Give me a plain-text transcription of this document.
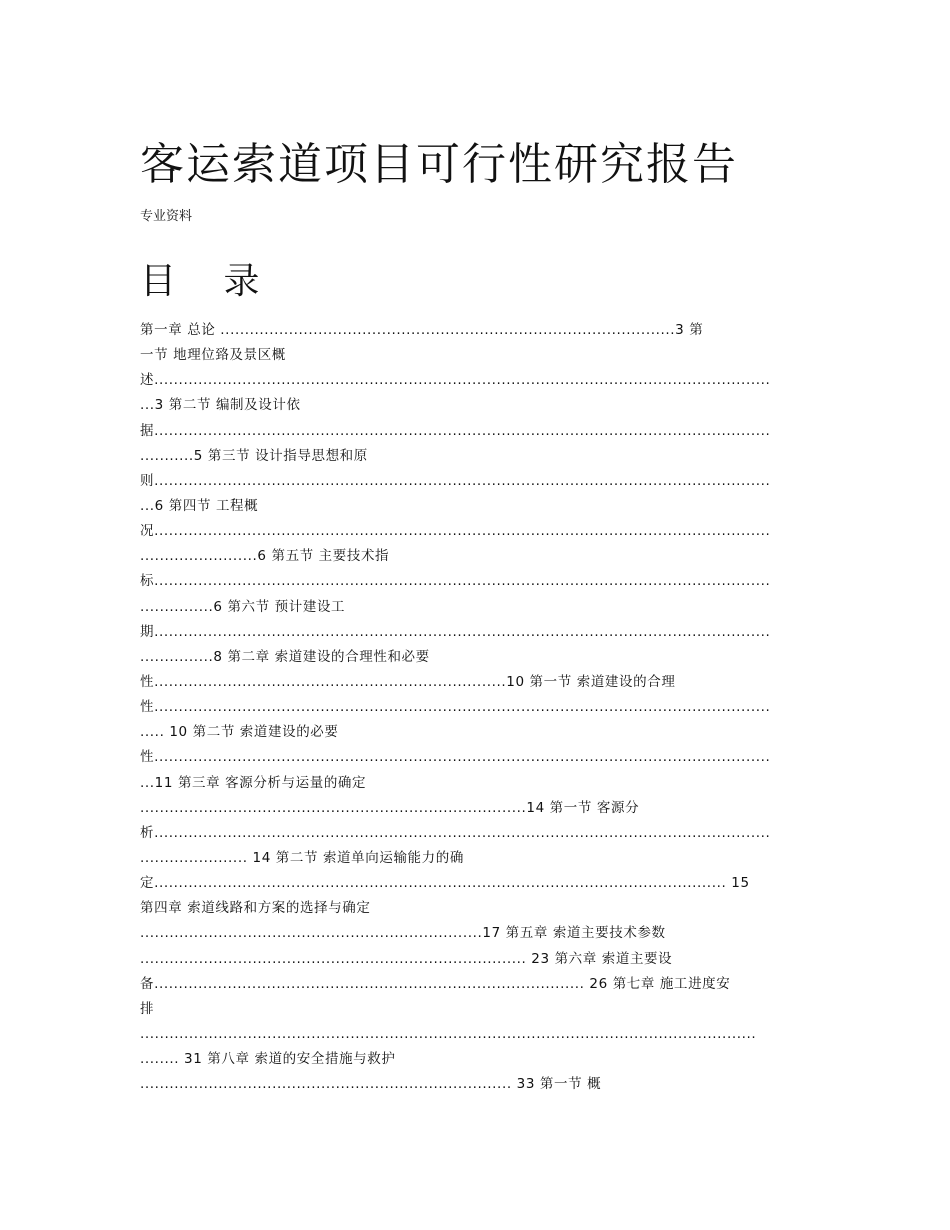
客运索道项目可行性研究报告
专业资料
目 录
第一章 总论 .............................................................................................3 第
一节 地理位臵及景区概
述..............................................................................................................................
...3 第二节 编制及设计依
据..............................................................................................................................
...........5 第三节 设计指导思想和原
则..............................................................................................................................
...6 第四节 工程概
况..............................................................................................................................
........................6 第五节 主要技术指
标..............................................................................................................................
...............6 第六节 预计建设工
期..............................................................................................................................
...............8 第二章 索道建设的合理性和必要
性........................................................................10 第一节 索道建设的合理
性..............................................................................................................................
..... 10 第二节 索道建设的必要
性..............................................................................................................................
...11 第三章 客源分析与运量的确定
...............................................................................14 第一节 客源分
析..............................................................................................................................
...................... 14 第二节 索道单向运输能力的确
定..................................................................................................................... 15
第四章 索道线路和方案的选择与确定
......................................................................17 第五章 索道主要技术参数
............................................................................... 23 第六章 索道主要设
备........................................................................................ 26 第七章 施工进度安
排
..............................................................................................................................
........ 31 第八章 索道的安全措施与救护
............................................................................ 33 第一节 概
